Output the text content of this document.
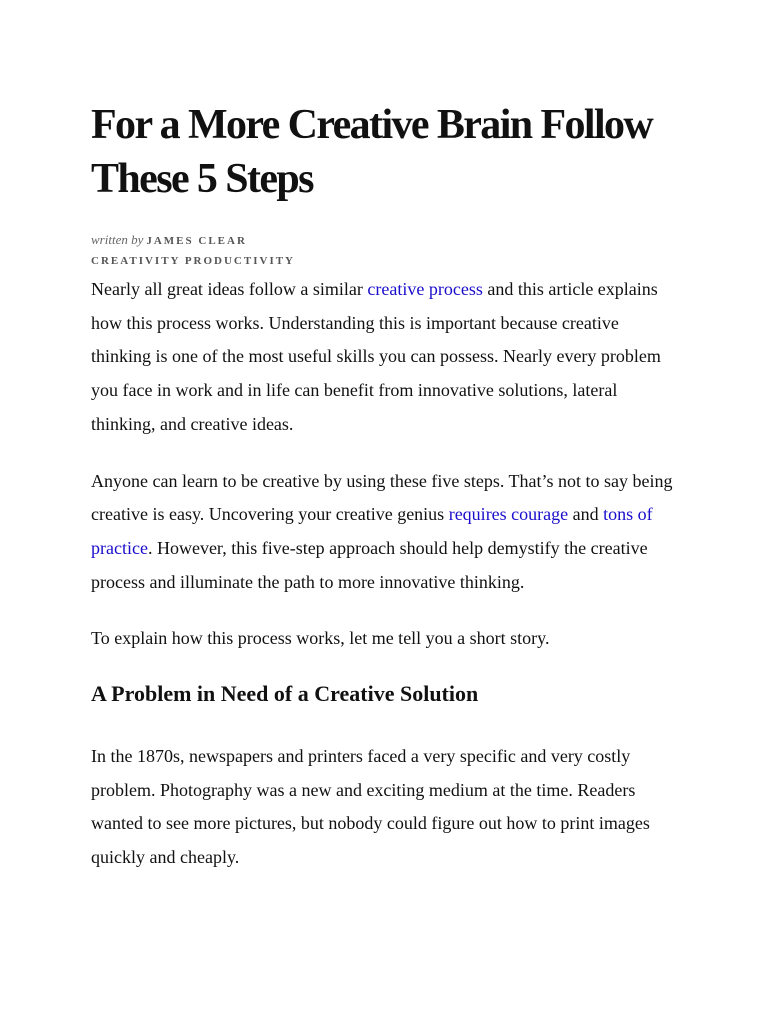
For a More Creative Brain Follow These 5 Steps
written by JAMES CLEAR
CREATIVITY PRODUCTIVITY

Nearly all great ideas follow a similar creative process and this article explains how this process works. Understanding this is important because creative thinking is one of the most useful skills you can possess. Nearly every problem you face in work and in life can benefit from innovative solutions, lateral thinking, and creative ideas.

Anyone can learn to be creative by using these five steps. That’s not to say being creative is easy. Uncovering your creative genius requires courage and tons of practice. However, this five-step approach should help demystify the creative process and illuminate the path to more innovative thinking.

To explain how this process works, let me tell you a short story.

A Problem in Need of a Creative Solution

In the 1870s, newspapers and printers faced a very specific and very costly problem. Photography was a new and exciting medium at the time. Readers wanted to see more pictures, but nobody could figure out how to print images quickly and cheaply.
